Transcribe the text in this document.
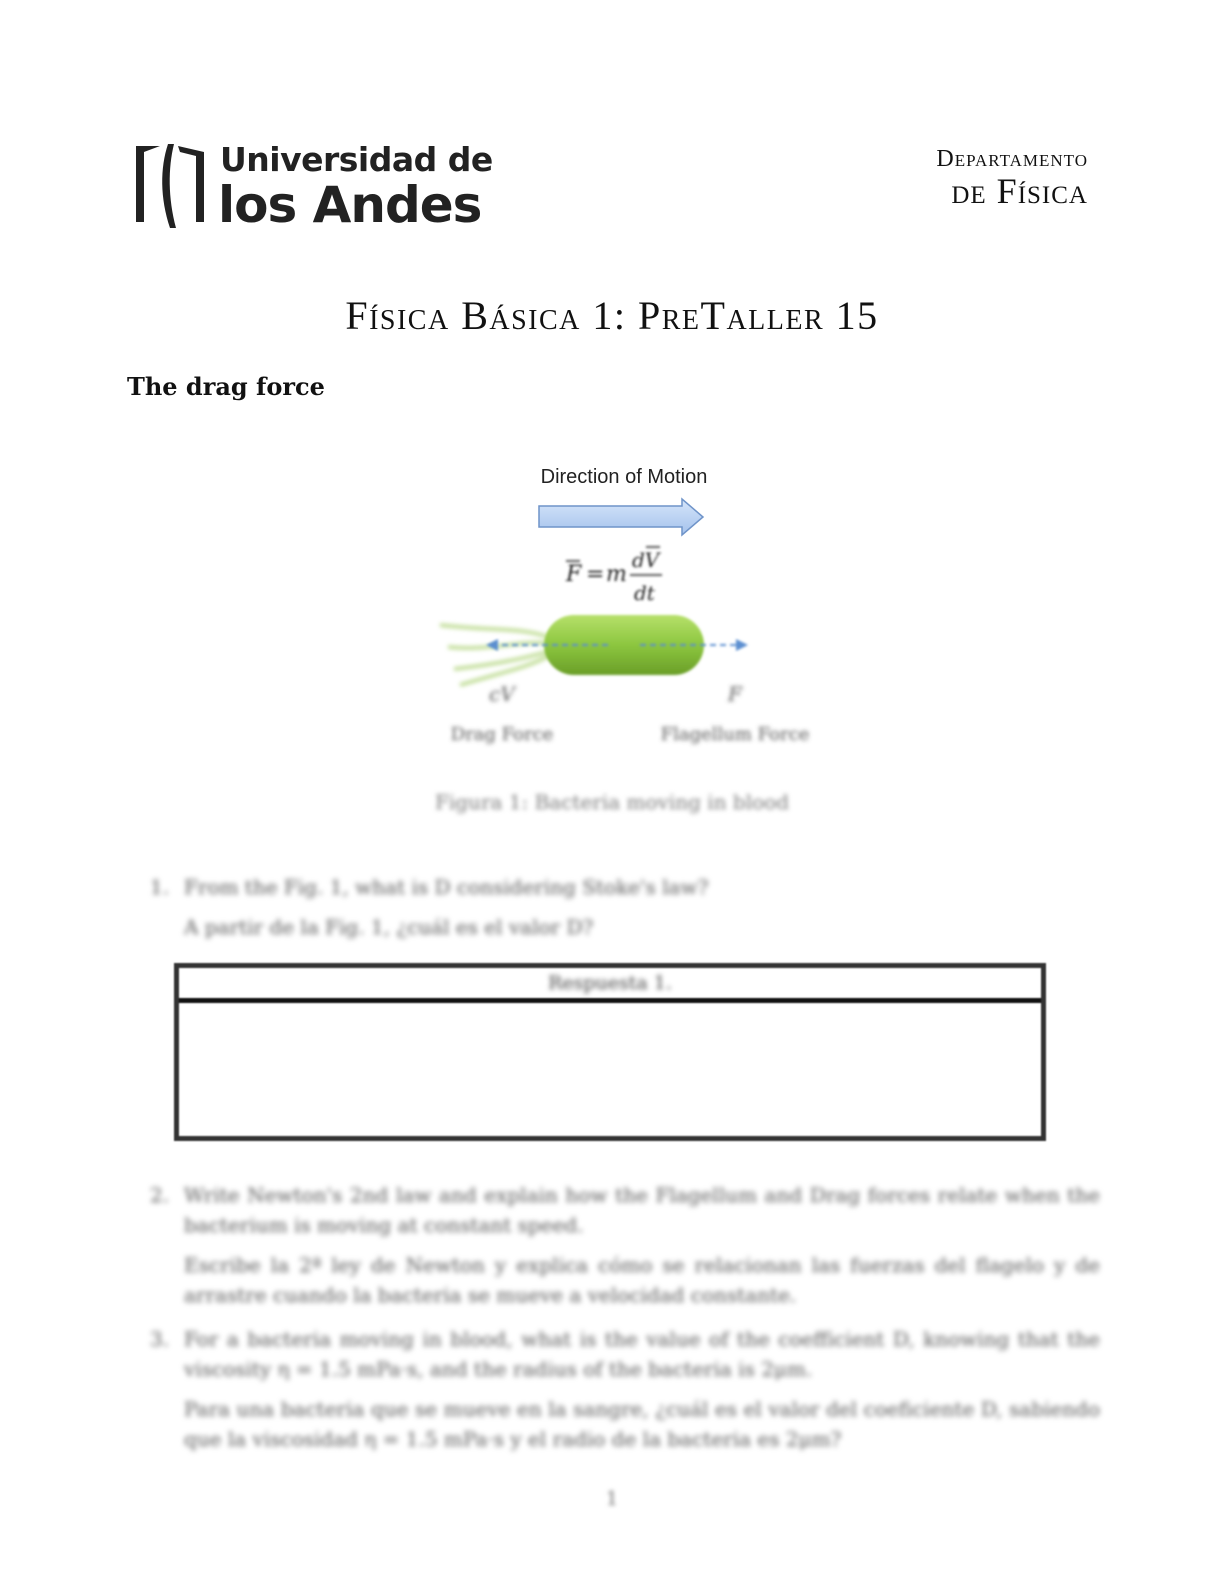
Universidad de
los Andes
Departamento
de Física
Física Básica 1: PreTaller 15
The drag force
Direction of Motion
F = m
dV
dt
cV	F
Drag Force	Flagellum Force
Figura 1: Bacteria moving in blood
1. From the Fig. 1, what is D considering Stoke's law?

A partir de la Fig. 1, ¿cuál es el valor D?

Respuesta 1.
2. Write Newton's 2nd law and explain how the Flagellum and Drag forces relate when the bacterium is moving at constant speed.

Escribe la 2ª ley de Newton y explica cómo se relacionan las fuerzas del flagelo y de arrastre cuando la bacteria se mueve a velocidad constante.

3. For a bacteria moving in blood, what is the value of the coefficient D, knowing that the viscosity η = 1.5 mPa·s, and the radius of the bacteria is 2μm.

Para una bacteria que se mueve en la sangre, ¿cuál es el valor del coeficiente D, sabiendo que la viscosidad η = 1.5 mPa·s y el radio de la bacteria es 2μm?

1
